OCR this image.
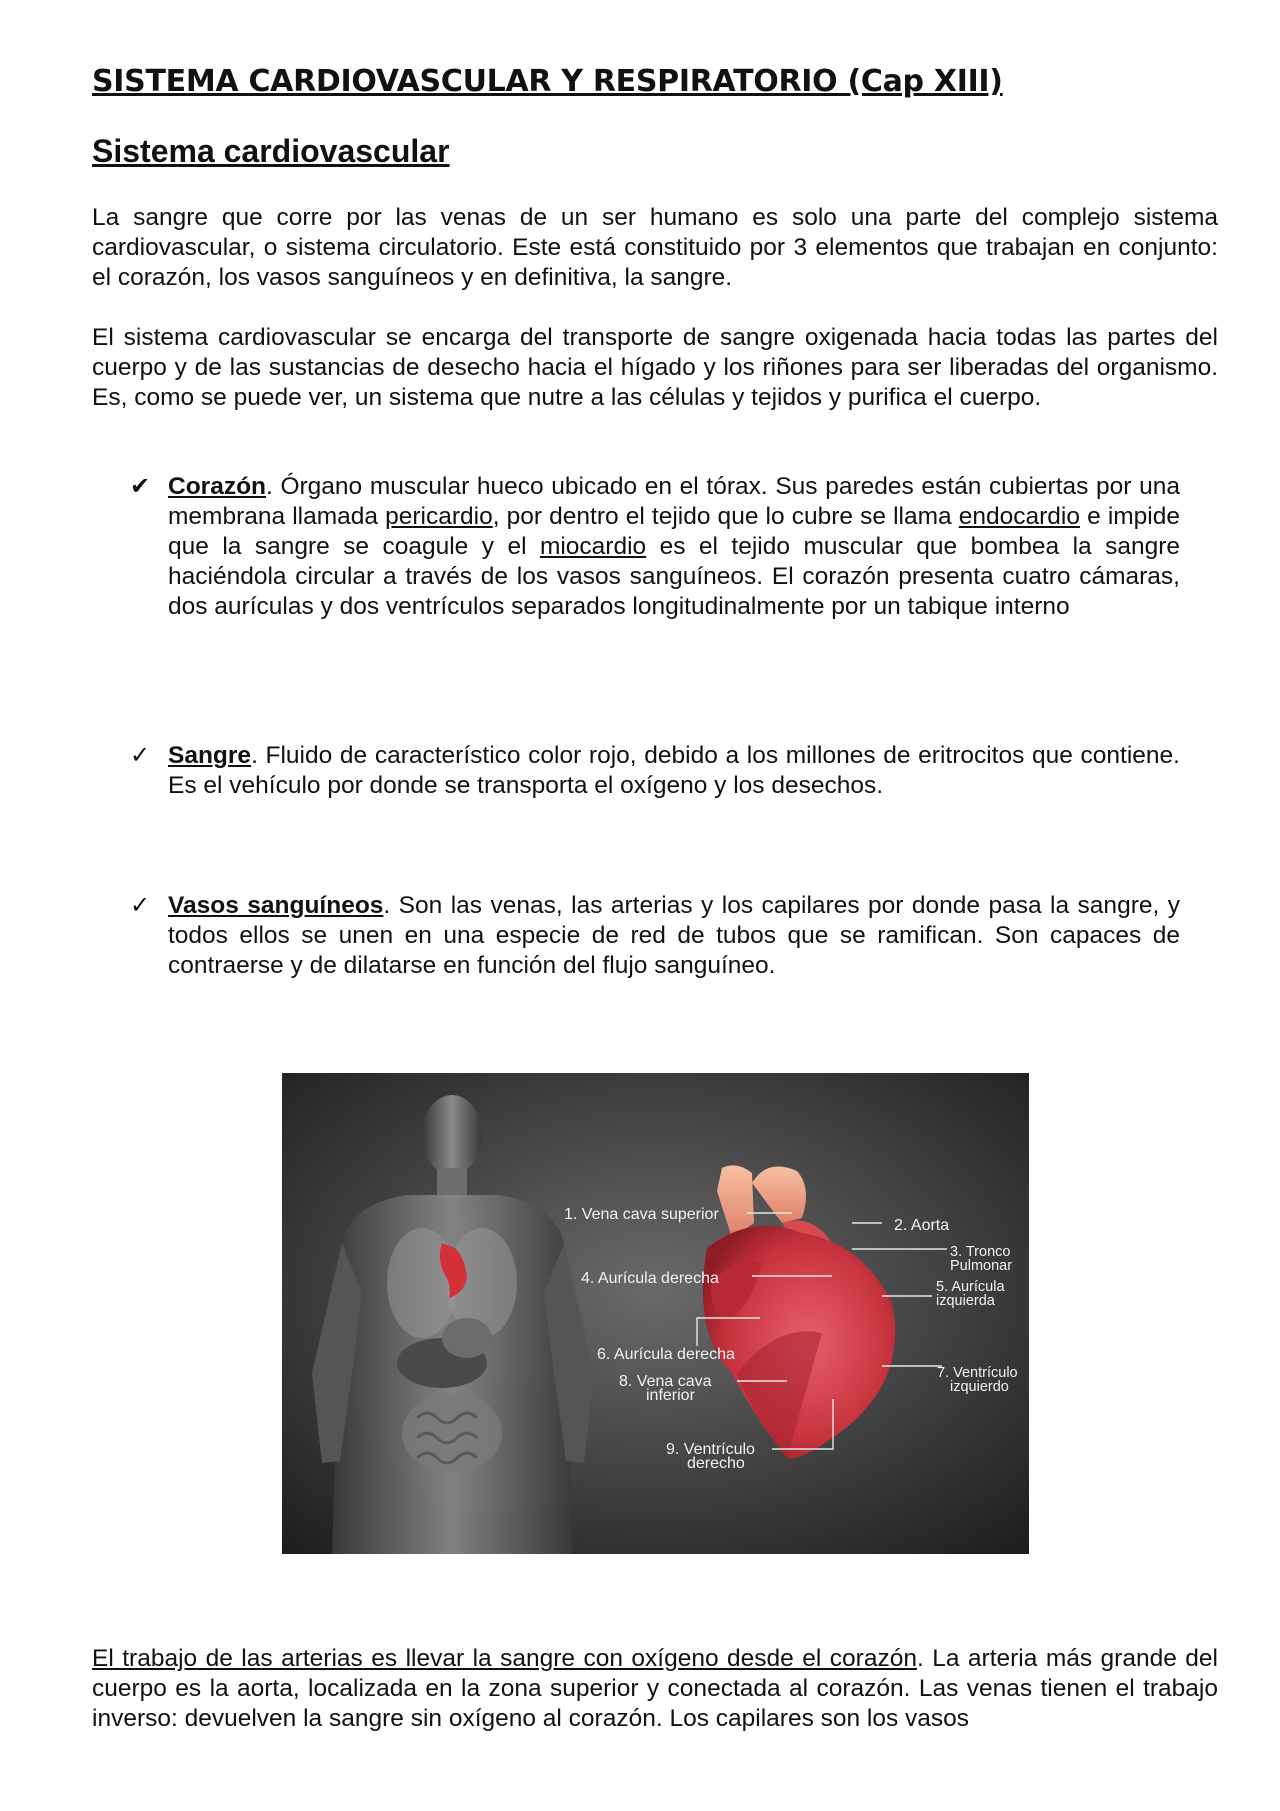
SISTEMA CARDIOVASCULAR Y RESPIRATORIO (Cap XIII)
Sistema cardiovascular
La sangre que corre por las venas de un ser humano es solo una parte del complejo sistema cardiovascular, o sistema circulatorio. Este está constituido por 3 elementos que trabajan en conjunto: el corazón, los vasos sanguíneos y en definitiva, la sangre.
El sistema cardiovascular se encarga del transporte de sangre oxigenada hacia todas las partes del cuerpo y de las sustancias de desecho hacia el hígado y los riñones para ser liberadas del organismo. Es, como se puede ver, un sistema que nutre a las células y tejidos y purifica el cuerpo.
✔ Corazón. Órgano muscular hueco ubicado en el tórax. Sus paredes están cubiertas por una membrana llamada pericardio, por dentro el tejido que lo cubre se llama endocardio e impide que la sangre se coagule y el miocardio es el tejido muscular que bombea la sangre haciéndola circular a través de los vasos sanguíneos. El corazón presenta cuatro cámaras, dos aurículas y dos ventrículos separados longitudinalmente por un tabique interno
✓ Sangre. Fluido de característico color rojo, debido a los millones de eritrocitos que contiene. Es el vehículo por donde se transporta el oxígeno y los desechos.
✓ Vasos sanguíneos. Son las venas, las arterias y los capilares por donde pasa la sangre, y todos ellos se unen en una especie de red de tubos que se ramifican. Son capaces de contraerse y de dilatarse en función del flujo sanguíneo.
1. Vena cava superior
2. Aorta
3. Tronco
Pulmonar
4. Aurícula derecha	5. Aurícula
izquierda
6. Aurícula derecha
7. Ventrículo
izquierdo
8. Vena cava
inferior
9. Ventrículo
derecho
El trabajo de las arterias es llevar la sangre con oxígeno desde el corazón. La arteria más grande del cuerpo es la aorta, localizada en la zona superior y conectada al corazón. Las venas tienen el trabajo inverso: devuelven la sangre sin oxígeno al corazón. Los capilares son los vasos
